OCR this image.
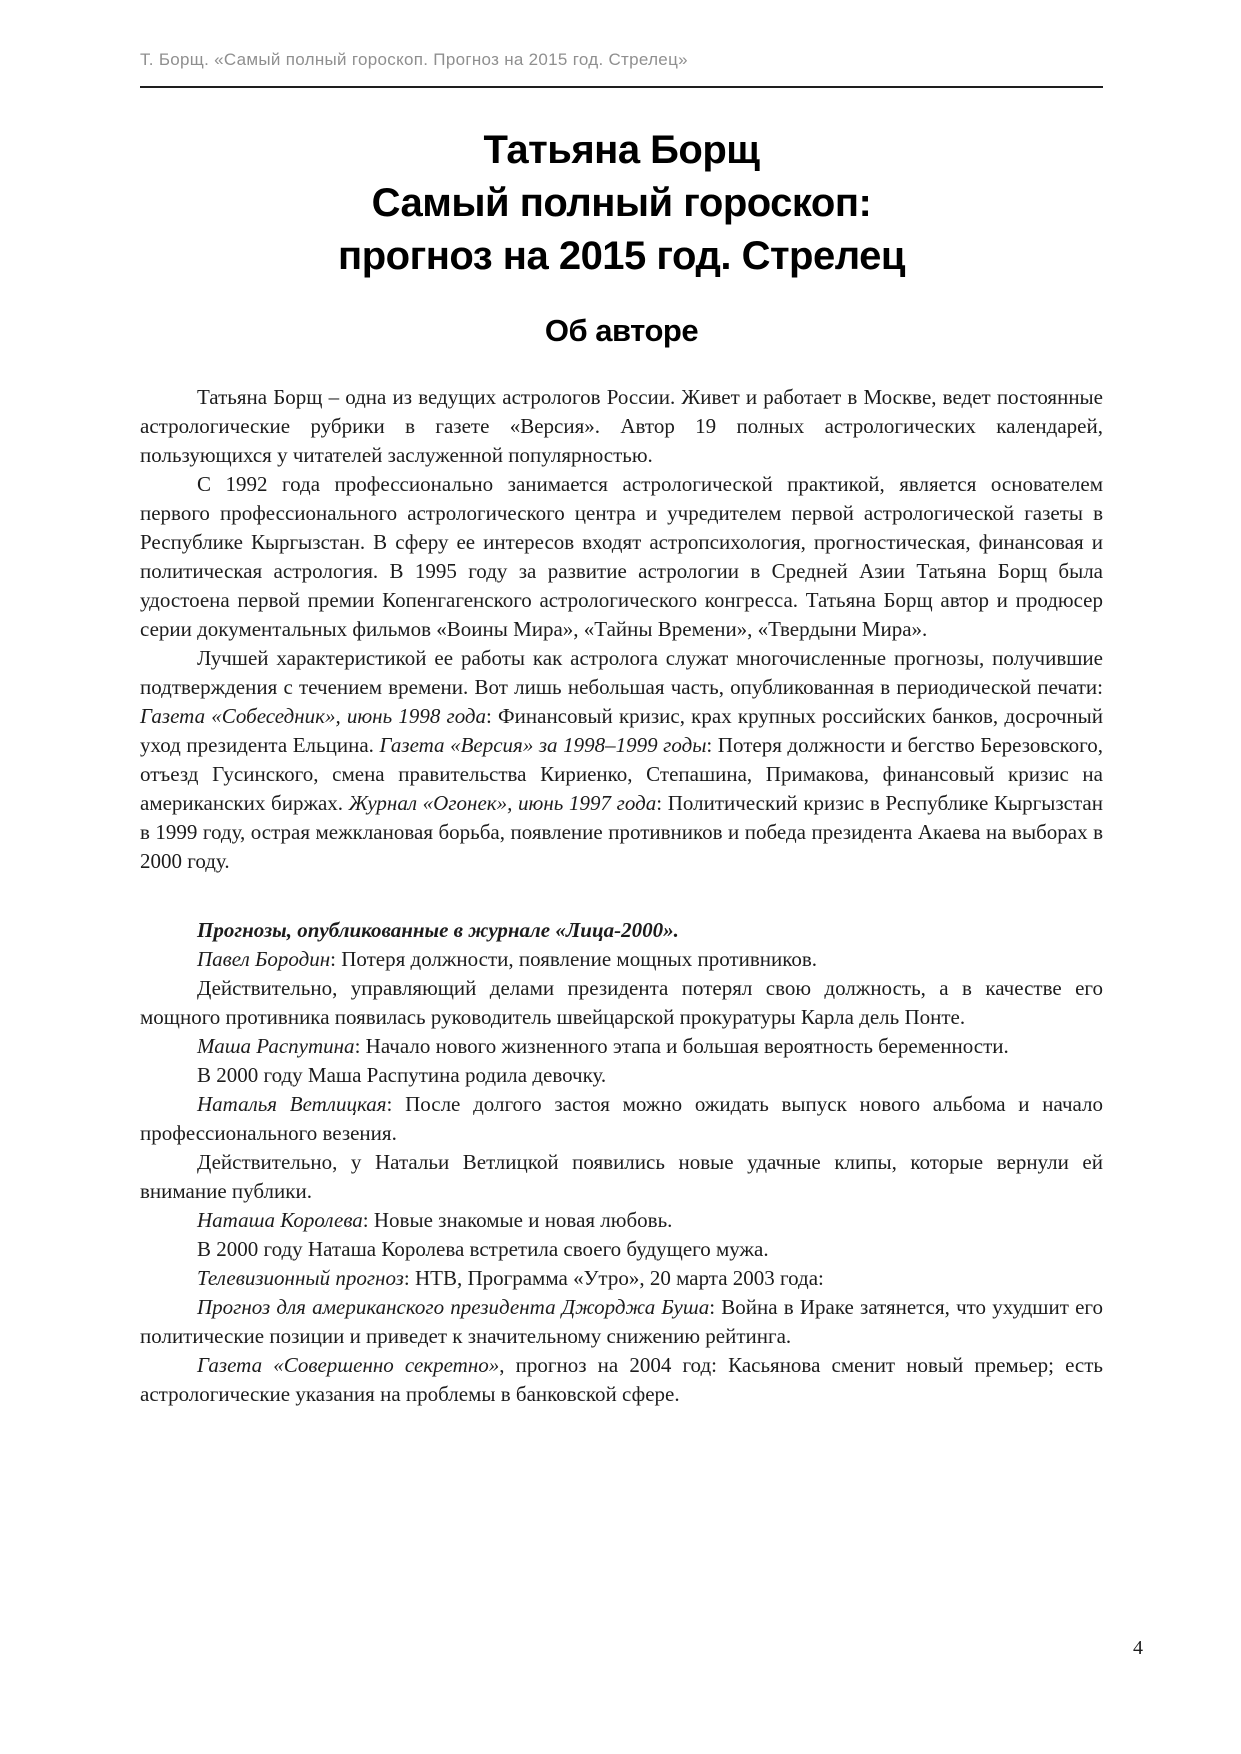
Т. Борщ. «Самый полный гороскоп. Прогноз на 2015 год. Стрелец»
Татьяна Борщ
Самый полный гороскоп:
прогноз на 2015 год. Стрелец
Об авторе

Татьяна Борщ – одна из ведущих астрологов России. Живет и работает в Москве, ведет постоянные астрологические рубрики в газете «Версия». Автор 19 полных астрологических календарей, пользующихся у читателей заслуженной популярностью.

С 1992 года профессионально занимается астрологической практикой, является основателем первого профессионального астрологического центра и учредителем первой астрологической газеты в Республике Кыргызстан. В сферу ее интересов входят астропсихология, прогностическая, финансовая и политическая астрология. В 1995 году за развитие астрологии в Средней Азии Татьяна Борщ была удостоена первой премии Копенгагенского астрологического конгресса. Татьяна Борщ автор и продюсер серии документальных фильмов «Воины Мира», «Тайны Времени», «Твердыни Мира».

Лучшей характеристикой ее работы как астролога служат многочисленные прогнозы, получившие подтверждения с течением времени. Вот лишь небольшая часть, опубликованная в периодической печати: Газета «Собеседник», июнь 1998 года: Финансовый кризис, крах крупных российских банков, досрочный уход президента Ельцина. Газета «Версия» за 1998–1999 годы: Потеря должности и бегство Березовского, отъезд Гусинского, смена правительства Кириенко, Степашина, Примакова, финансовый кризис на американских биржах. Журнал «Огонек», июнь 1997 года: Политический кризис в Республике Кыргызстан в 1999 году, острая межклановая борьба, появление противников и победа президента Акаева на выборах в 2000 году.

Прогнозы, опубликованные в журнале «Лица-2000».

Павел Бородин: Потеря должности, появление мощных противников.

Действительно, управляющий делами президента потерял свою должность, а в качестве его мощного противника появилась руководитель швейцарской прокуратуры Карла дель Понте.

Маша Распутина: Начало нового жизненного этапа и большая вероятность беременности.

В 2000 году Маша Распутина родила девочку.

Наталья Ветлицкая: После долгого застоя можно ожидать выпуск нового альбома и начало профессионального везения.

Действительно, у Натальи Ветлицкой появились новые удачные клипы, которые вернули ей внимание публики.

Наташа Королева: Новые знакомые и новая любовь.

В 2000 году Наташа Королева встретила своего будущего мужа.

Телевизионный прогноз: НТВ, Программа «Утро», 20 марта 2003 года:

Прогноз для американского президента Джорджа Буша: Война в Ираке затянется, что ухудшит его политические позиции и приведет к значительному снижению рейтинга.

Газета «Совершенно секретно», прогноз на 2004 год: Касьянова сменит новый премьер; есть астрологические указания на проблемы в банковской сфере.

4
